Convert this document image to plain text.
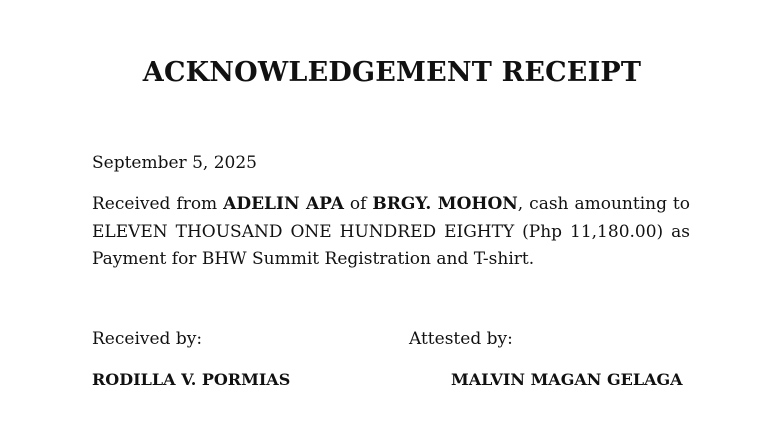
ACKNOWLEDGEMENT RECEIPT
September 5, 2025
Received from ADELIN APA of BRGY. MOHON, cash amounting to ELEVEN THOUSAND ONE HUNDRED EIGHTY (Php 11,180.00) as Payment for BHW Summit Registration and T-shirt.
Received by:	Attested by:
RODILLA V. PORMIAS	MALVIN MAGAN GELAGA
